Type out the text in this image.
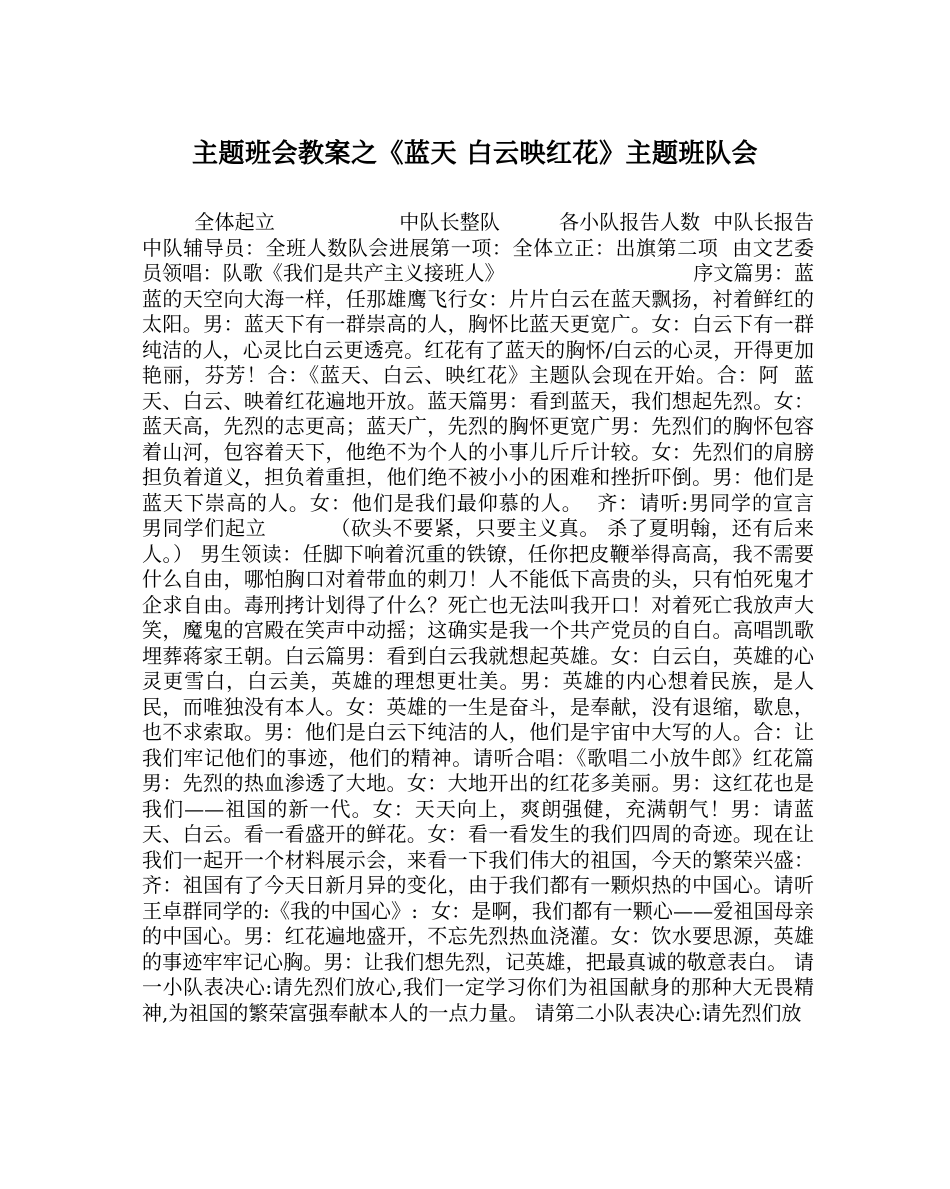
主题班会教案之《蓝天 白云映红花》主题班队会

全体起立                   中队长整队         各小队报告人数  中队长报告中队辅导员：全班人数队会进展第一项：全体立正：出旗第二项  由文艺委员领唱：队歌《我们是共产主义接班人》                             序文篇男：蓝蓝的天空向大海一样，任那雄鹰飞行女：片片白云在蓝天飘扬，衬着鲜红的太阳。男：蓝天下有一群崇高的人，胸怀比蓝天更宽广。女：白云下有一群纯洁的人，心灵比白云更透亮。红花有了蓝天的胸怀/白云的心灵，开得更加艳丽，芬芳！合：《蓝天、白云、映红花》主题队会现在开始。合：阿  蓝天、白云、映着红花遍地开放。蓝天篇男：看到蓝天，我们想起先烈。女：蓝天高，先烈的志更高；蓝天广，先烈的胸怀更宽广男：先烈们的胸怀包容着山河，包容着天下，他绝不为个人的小事儿斤斤计较。女：先烈们的肩膀担负着道义，担负着重担，他们绝不被小小的困难和挫折吓倒。男：他们是蓝天下崇高的人。女：他们是我们最仰慕的人。  齐：请听:男同学的宣言                   男同学们起立         （砍头不要紧，只要主义真。 杀了夏明翰，还有后来人。） 男生领读：任脚下响着沉重的铁镣，任你把皮鞭举得高高，我不需要什么自由，哪怕胸口对着带血的刺刀！人不能低下高贵的头，只有怕死鬼才企求自由。毒刑拷计划得了什么？死亡也无法叫我开口！对着死亡我放声大笑，魔鬼的宫殿在笑声中动摇；这确实是我一个共产党员的自白。高唱凯歌埋葬蒋家王朝。白云篇男：看到白云我就想起英雄。女：白云白，英雄的心灵更雪白，白云美，英雄的理想更壮美。男：英雄的内心想着民族，是人民，而唯独没有本人。女：英雄的一生是奋斗，是奉献，没有退缩，歇息，也不求索取。男：他们是白云下纯洁的人，他们是宇宙中大写的人。合：让我们牢记他们的事迹，他们的精神。请听合唱：《歌唱二小放牛郎》红花篇男：先烈的热血渗透了大地。女：大地开出的红花多美丽。男：这红花也是我们——祖国的新一代。女：天天向上，爽朗强健，充满朝气！男：请蓝天、白云。看一看盛开的鲜花。女：看一看发生的我们四周的奇迹。现在让我们一起开一个材料展示会，来看一下我们伟大的祖国，今天的繁荣兴盛：   齐：祖国有了今天日新月异的变化，由于我们都有一颗炽热的中国心。请听王卓群同学的:《我的中国心》:  女：是啊，我们都有一颗心——爱祖国母亲的中国心。男：红花遍地盛开，不忘先烈热血浇灌。女：饮水要思源，英雄的事迹牢牢记心胸。男：让我们想先烈，记英雄，把最真诚的敬意表白。 请一小队表决心:请先烈们放心,我们一定学习你们为祖国献身的那种大无畏精神,为祖国的繁荣富强奉献本人的一点力量。 请第二小队表决心:请先烈们放
